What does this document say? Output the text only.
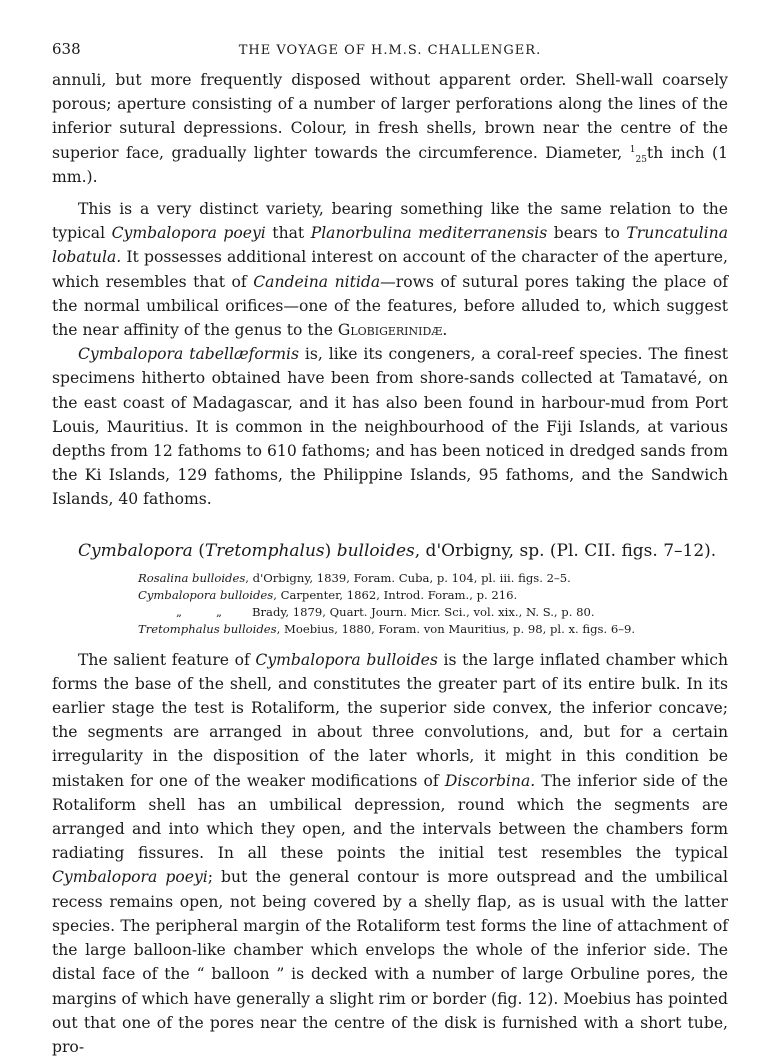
638	THE VOYAGE OF H.M.S. CHALLENGER.

annuli, but more frequently disposed without apparent order. Shell-wall coarsely porous; aperture consisting of a number of larger perforations along the lines of the inferior sutural depressions. Colour, in fresh shells, brown near the centre of the superior face, gradually lighter towards the circumference. Diameter, $^1_{25}$th inch (1 mm.).

This is a very distinct variety, bearing something like the same relation to the typical Cymbalopora poeyi that Planorbulina mediterranensis bears to Truncatulina lobatula. It possesses additional interest on account of the character of the aperture, which resembles that of Candeina nitida—rows of sutural pores taking the place of the normal umbilical orifices—one of the features, before alluded to, which suggest the near affinity of the genus to the Globigerinidæ.

Cymbalopora tabellæformis is, like its congeners, a coral-reef species. The finest specimens hitherto obtained have been from shore-sands collected at Tamatavé, on the east coast of Madagascar, and it has also been found in harbour-mud from Port Louis, Mauritius. It is common in the neighbourhood of the Fiji Islands, at various depths from 12 fathoms to 610 fathoms; and has been noticed in dredged sands from the Ki Islands, 129 fathoms, the Philippine Islands, 95 fathoms, and the Sandwich Islands, 40 fathoms.

Cymbalopora (Tretomphalus) bulloides, d'Orbigny, sp. (Pl. CII. figs. 7–12).
Rosalina bulloides, d'Orbigny, 1839, Foram. Cuba, p. 104, pl. iii. figs. 2–5.
Cymbalopora bulloides, Carpenter, 1862, Introd. Foram., p. 216.
„	„	Brady, 1879, Quart. Journ. Micr. Sci., vol. xix., N. S., p. 80.
Tretomphalus bulloides, Moebius, 1880, Foram. von Mauritius, p. 98, pl. x. figs. 6–9.

The salient feature of Cymbalopora bulloides is the large inflated chamber which forms the base of the shell, and constitutes the greater part of its entire bulk. In its earlier stage the test is Rotaliform, the superior side convex, the inferior concave; the segments are arranged in about three convolutions, and, but for a certain irregularity in the disposition of the later whorls, it might in this condition be mistaken for one of the weaker modifications of Discorbina. The inferior side of the Rotaliform shell has an umbilical depression, round which the segments are arranged and into which they open, and the intervals between the chambers form radiating fissures. In all these points the initial test resembles the typical Cymbalopora poeyi; but the general contour is more outspread and the umbilical recess remains open, not being covered by a shelly flap, as is usual with the latter species. The peripheral margin of the Rotaliform test forms the line of attachment of the large balloon-like chamber which envelops the whole of the inferior side. The distal face of the “ balloon ” is decked with a number of large Orbuline pores, the margins of which have generally a slight rim or border (fig. 12). Moebius has pointed out that one of the pores near the centre of the disk is furnished with a short tube, pro-
